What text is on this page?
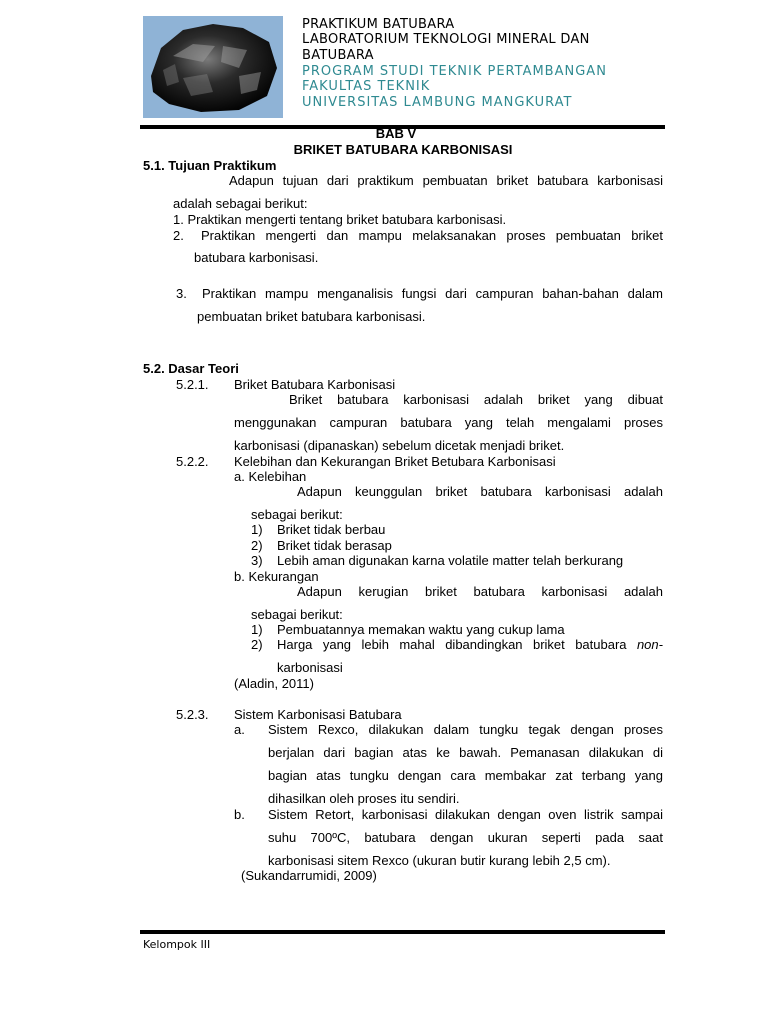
PRAKTIKUM BATUBARA
LABORATORIUM TEKNOLOGI MINERAL DAN
BATUBARA
PROGRAM STUDI TEKNIK PERTAMBANGAN
FAKULTAS TEKNIK
UNIVERSITAS LAMBUNG MANGKURAT
BAB V
BRIKET BATUBARA KARBONISASI
5.1. Tujuan Praktikum
Adapun tujuan dari praktikum pembuatan briket batubara karbonisasi
adalah sebagai berikut:
1. Praktikan mengerti tentang briket batubara karbonisasi.
2. Praktikan mengerti dan mampu melaksanakan proses pembuatan briket
batubara karbonisasi.
3. Praktikan mampu menganalisis fungsi dari campuran bahan-bahan dalam
pembuatan briket batubara karbonisasi.
5.2. Dasar Teori
5.2.1. Briket Batubara Karbonisasi
Briket batubara karbonisasi adalah briket yang dibuat
menggunakan campuran batubara yang telah mengalami proses
karbonisasi (dipanaskan) sebelum dicetak menjadi briket.
5.2.2. Kelebihan dan Kekurangan Briket Betubara Karbonisasi
a. Kelebihan
Adapun keunggulan briket batubara karbonisasi adalah
sebagai berikut:
1) Briket tidak berbau
2) Briket tidak berasap
3) Lebih aman digunakan karna volatile matter telah berkurang
b. Kekurangan
Adapun kerugian briket batubara karbonisasi adalah
sebagai berikut:
1) Pembuatannya memakan waktu yang cukup lama
2) Harga yang lebih mahal dibandingkan briket batubara non-
karbonisasi
(Aladin, 2011)
5.2.3. Sistem Karbonisasi Batubara
a. Sistem Rexco, dilakukan dalam tungku tegak dengan proses
berjalan dari bagian atas ke bawah. Pemanasan dilakukan di
bagian atas tungku dengan cara membakar zat terbang yang
dihasilkan oleh proses itu sendiri.
b. Sistem Retort, karbonisasi dilakukan dengan oven listrik sampai
suhu 700ºC, batubara dengan ukuran seperti pada saat
karbonisasi sitem Rexco (ukuran butir kurang lebih 2,5 cm).
(Sukandarrumidi, 2009)
Kelompok III
